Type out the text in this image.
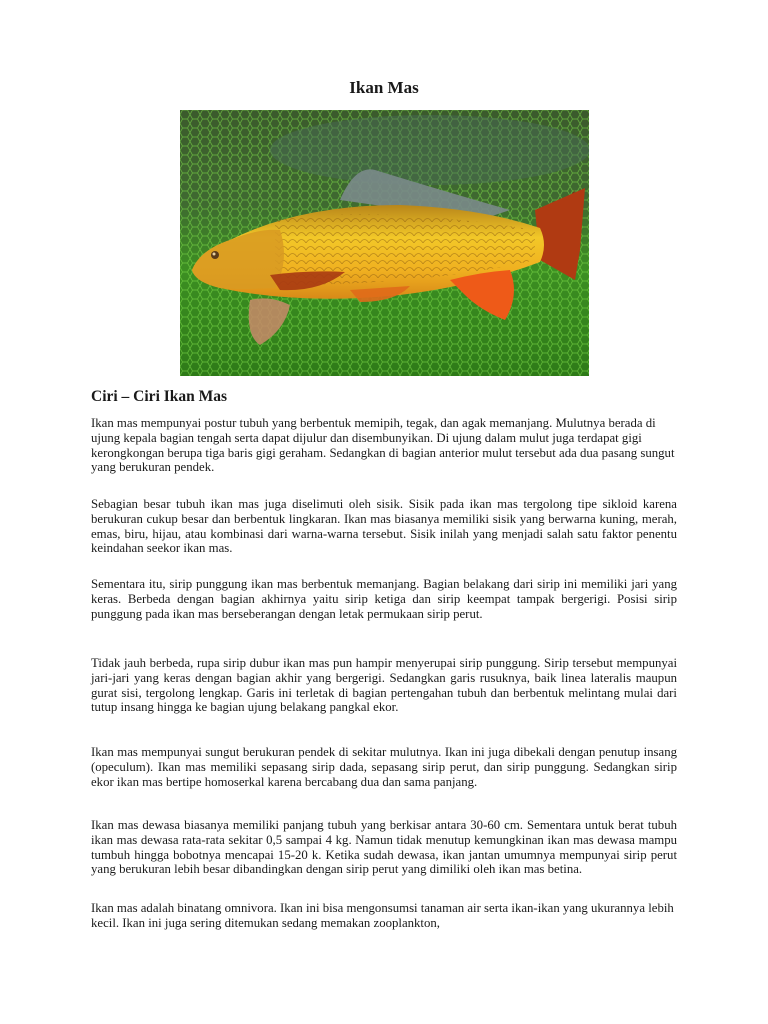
Ikan Mas
Ciri – Ciri Ikan Mas

Ikan mas mempunyai postur tubuh yang berbentuk memipih, tegak, dan agak memanjang. Mulutnya berada di ujung kepala bagian tengah serta dapat dijulur dan disembunyikan. Di ujung dalam mulut juga terdapat gigi kerongkongan berupa tiga baris gigi geraham. Sedangkan di bagian anterior mulut tersebut ada dua pasang sungut yang berukuran pendek.

Sebagian besar tubuh ikan mas juga diselimuti oleh sisik. Sisik pada ikan mas tergolong tipe sikloid karena berukuran cukup besar dan berbentuk lingkaran. Ikan mas biasanya memiliki sisik yang berwarna kuning, merah, emas, biru, hijau, atau kombinasi dari warna-warna tersebut. Sisik inilah yang menjadi salah satu faktor penentu keindahan seekor ikan mas.

Sementara itu, sirip punggung ikan mas berbentuk memanjang. Bagian belakang dari sirip ini memiliki jari yang keras. Berbeda dengan bagian akhirnya yaitu sirip ketiga dan sirip keempat tampak bergerigi. Posisi sirip punggung pada ikan mas berseberangan dengan letak permukaan sirip perut.

Tidak jauh berbeda, rupa sirip dubur ikan mas pun hampir menyerupai sirip punggung. Sirip tersebut mempunyai jari-jari yang keras dengan bagian akhir yang bergerigi. Sedangkan garis rusuknya, baik linea lateralis maupun gurat sisi, tergolong lengkap. Garis ini terletak di bagian pertengahan tubuh dan berbentuk melintang mulai dari tutup insang hingga ke bagian ujung belakang pangkal ekor.

Ikan mas mempunyai sungut berukuran pendek di sekitar mulutnya. Ikan ini juga dibekali dengan penutup insang (opeculum). Ikan mas memiliki sepasang sirip dada, sepasang sirip perut, dan sirip punggung. Sedangkan sirip ekor ikan mas bertipe homoserkal karena bercabang dua dan sama panjang.

Ikan mas dewasa biasanya memiliki panjang tubuh yang berkisar antara 30-60 cm. Sementara untuk berat tubuh ikan mas dewasa rata-rata sekitar 0,5 sampai 4 kg. Namun tidak menutup kemungkinan ikan mas dewasa mampu tumbuh hingga bobotnya mencapai 15-20 k. Ketika sudah dewasa, ikan jantan umumnya mempunyai sirip perut yang berukuran lebih besar dibandingkan dengan sirip perut yang dimiliki oleh ikan mas betina.

Ikan mas adalah binatang omnivora. Ikan ini bisa mengonsumsi tanaman air serta ikan-ikan yang ukurannya lebih kecil. Ikan ini juga sering ditemukan sedang memakan zooplankton,
